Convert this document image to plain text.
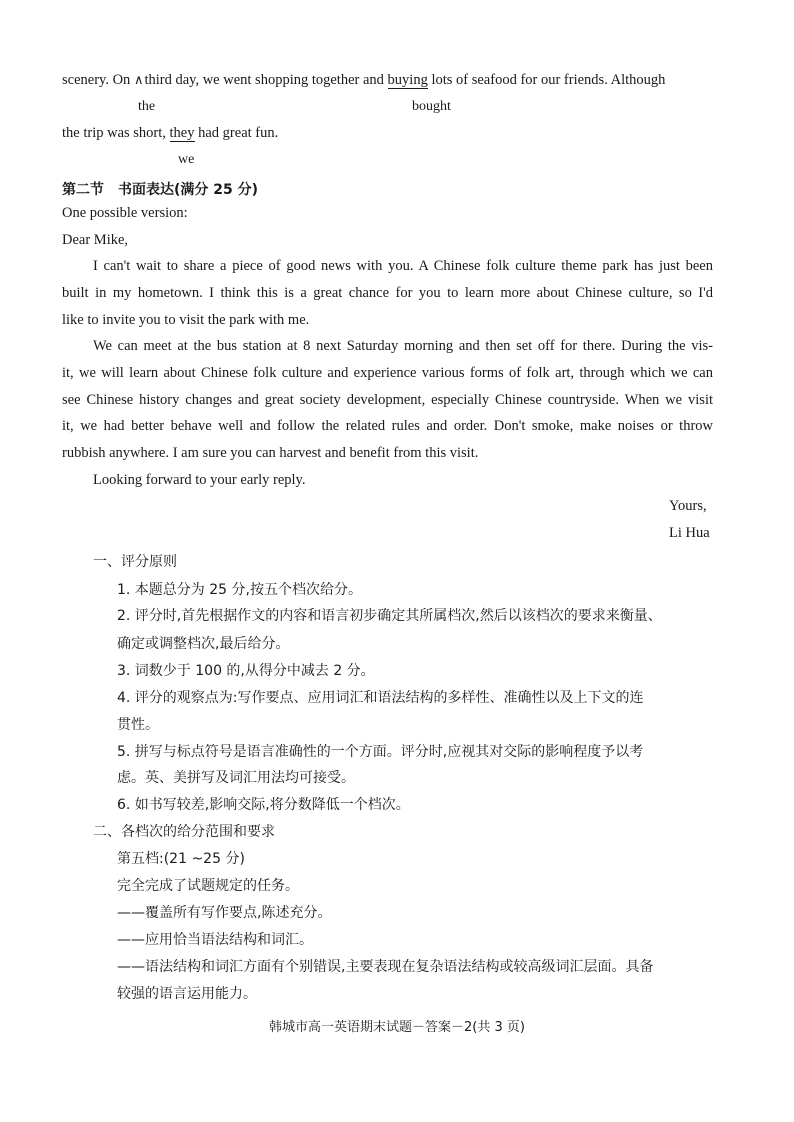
scenery. On ∧third day, we went shopping together and buying lots of seafood for our friends. Although
the	bought
the trip was short, they had great fun.
we
第二节　书面表达(满分 25 分)
One possible version:
Dear Mike,
I can't wait to share a piece of good news with you. A Chinese folk culture theme park has just been
built in my hometown. I think this is a great chance for you to learn more about Chinese culture, so I'd
like to invite you to visit the park with me.
We can meet at the bus station at 8 next Saturday morning and then set off for there. During the vis-
it, we will learn about Chinese folk culture and experience various forms of folk art, through which we can
see Chinese history changes and great society development, especially Chinese countryside. When we visit
it, we had better behave well and follow the related rules and order. Don't smoke, make noises or throw
rubbish anywhere. I am sure you can harvest and benefit from this visit.
Looking forward to your early reply.
Yours,
Li Hua
一、评分原则
1. 本题总分为 25 分,按五个档次给分。
2. 评分时,首先根据作文的内容和语言初步确定其所属档次,然后以该档次的要求来衡量、
确定或调整档次,最后给分。
3. 词数少于 100 的,从得分中减去 2 分。
4. 评分的观察点为:写作要点、应用词汇和语法结构的多样性、准确性以及上下文的连
贯性。
5. 拼写与标点符号是语言准确性的一个方面。评分时,应视其对交际的影响程度予以考
虑。英、美拼写及词汇用法均可接受。
6. 如书写较差,影响交际,将分数降低一个档次。
二、各档次的给分范围和要求
第五档:(21 ~25 分)
完全完成了试题规定的任务。
——覆盖所有写作要点,陈述充分。
——应用恰当语法结构和词汇。
——语法结构和词汇方面有个别错误,主要表现在复杂语法结构或较高级词汇层面。具备
较强的语言运用能力。
韩城市高一英语期末试题－答案－2(共 3 页)
